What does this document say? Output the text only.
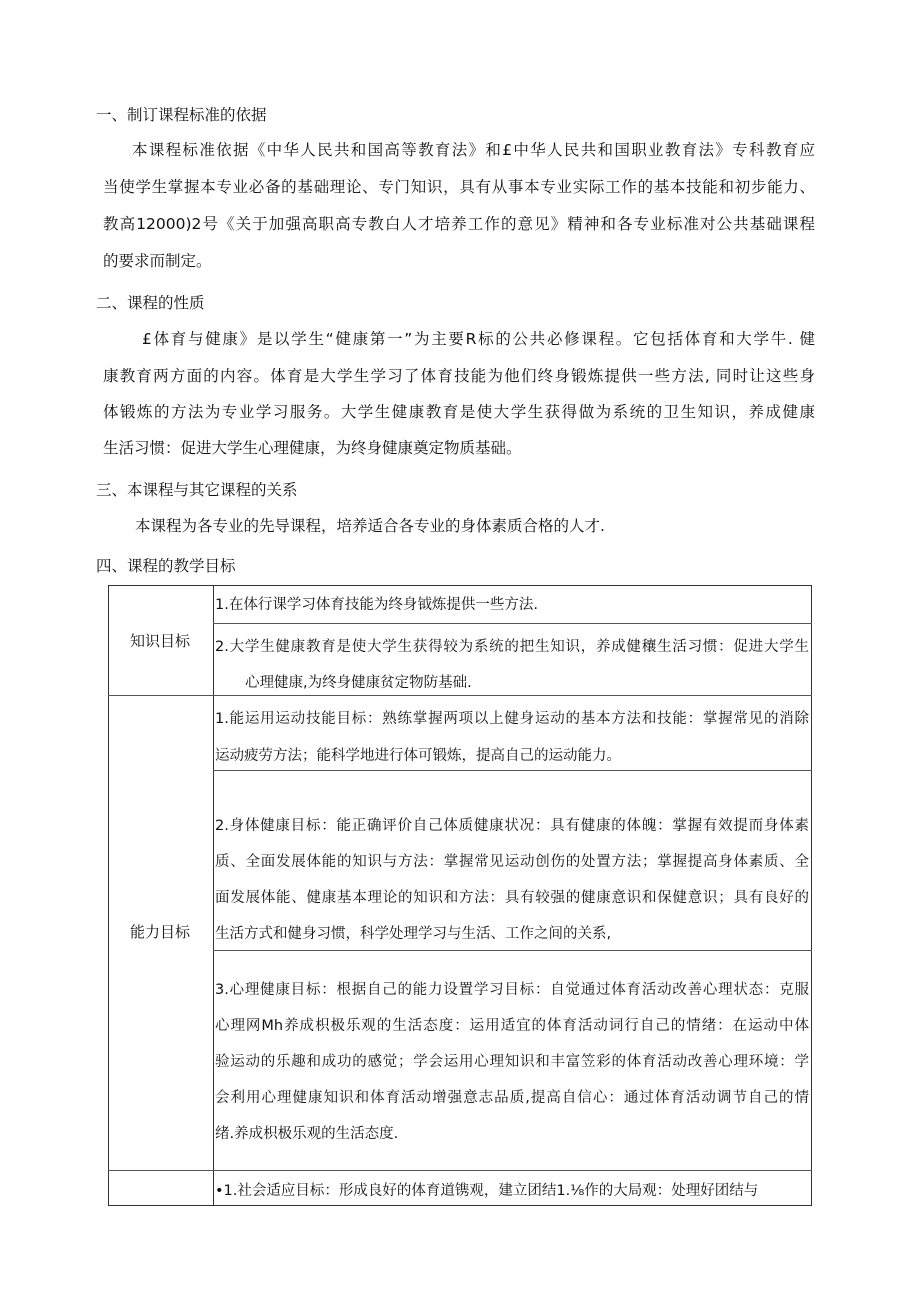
一、制订课程标准的依据
本课程标准依据《中华人民共和国高等教育法》和£中华人民共和国职业教育法》专科教育应
当使学生掌握本专业必备的基础理论、专门知识，具有从事本专业实际工作的基本技能和初步能力、
教高12000)2号《关于加强高职高专教白人才培养工作的意见》精神和各专业标准对公共基础课程
的要求而制定。
二、课程的性质
£体育与健康》是以学生“健康第一”为主要R标的公共必修课程。它包括体育和大学牛. 健
康教育两方面的内容。体育是大学生学习了体育技能为他们终身锻炼提供一些方法, 同时让这些身
体锻炼的方法为专业学习服务。大学生健康教育是使大学生获得做为系统的卫生知识，养成健康
生活习惯：促进大学生心理健康，为终身健康奠定物质基础。
三、本课程与其它课程的关系
本课程为各专业的先导课程，培养适合各专业的身体素质合格的人才.
四、课程的教学目标
知识目标
1.在体行课学习体育技能为终身钺炼提供一些方法.
2.大学生健康教育是使大学生获得较为系统的把生知识，养成健穰生活习惯：促进大学生
心理健康,为终身健康贫定物防基础.
能力目标
1.能运用运动技能目标：熟练掌握两项以上健身运动的基本方法和技能：掌握常见的消除
运动疲劳方法；能科学地进行体可锻炼，提高自己的运动能力。
2.身体健康目标：能正确评价自己体质健康状况：具有健康的体魄：掌握有效提而身体素
质、全面发展体能的知识与方法：掌握常见运动创伤的处置方法；掌握提高身体素质、全
面发展体能、健康基本理论的知识和方法：具有较强的健康意识和保健意识；具有良好的
生活方式和健身习惯，科学处理学习与生活、工作之间的关系,
3.心理健康目标：根据自己的能力设置学习目标：自觉通过体育活动改善心理状态：克服
心理网Mh养成枳极乐观的生活态度：运用适宜的体育活动词行自己的情绪：在运动中体
验运动的乐趣和成功的感觉；学会运用心理知识和丰富笠彩的体育活动改善心理环境：学
会利用心理健康知识和体育活动增强意志品质,提高自信心：通过体育活动调节自己的情
绪.养成枳极乐观的生活态度.
•1.社会适应目标：形成良好的体育道镌观，建立团结1.⅛作的大局观：处理好团结与
